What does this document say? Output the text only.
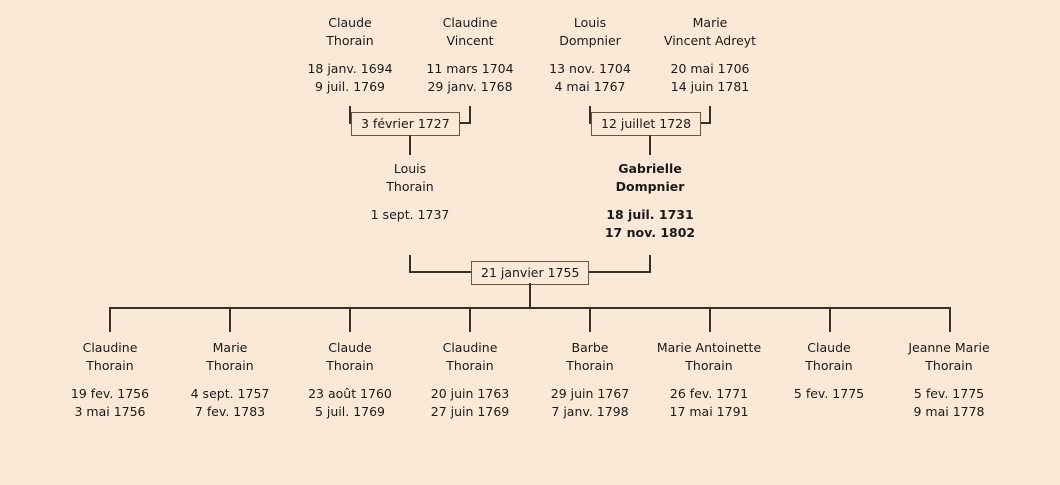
Claude
Thorain
18 janv. 1694
9 juil. 1769
Claudine
Vincent
11 mars 1704
29 janv. 1768
Louis
Dompnier
13 nov. 1704
4 mai 1767
Marie
Vincent Adreyt
20 mai 1706
14 juin 1781
3 février 1727	12 juillet 1728
Louis
Thorain
1 sept. 1737
Gabrielle
Dompnier
18 juil. 1731
17 nov. 1802
21 janvier 1755
Claudine
Thorain
19 fev. 1756
3 mai 1756
Marie
Thorain
4 sept. 1757
7 fev. 1783
Claude
Thorain
23 août 1760
5 juil. 1769
Claudine
Thorain
20 juin 1763
27 juin 1769
Barbe
Thorain
29 juin 1767
7 janv. 1798
Marie Antoinette
Thorain
26 fev. 1771
17 mai 1791
Claude
Thorain
5 fev. 1775
Jeanne Marie
Thorain
5 fev. 1775
9 mai 1778
